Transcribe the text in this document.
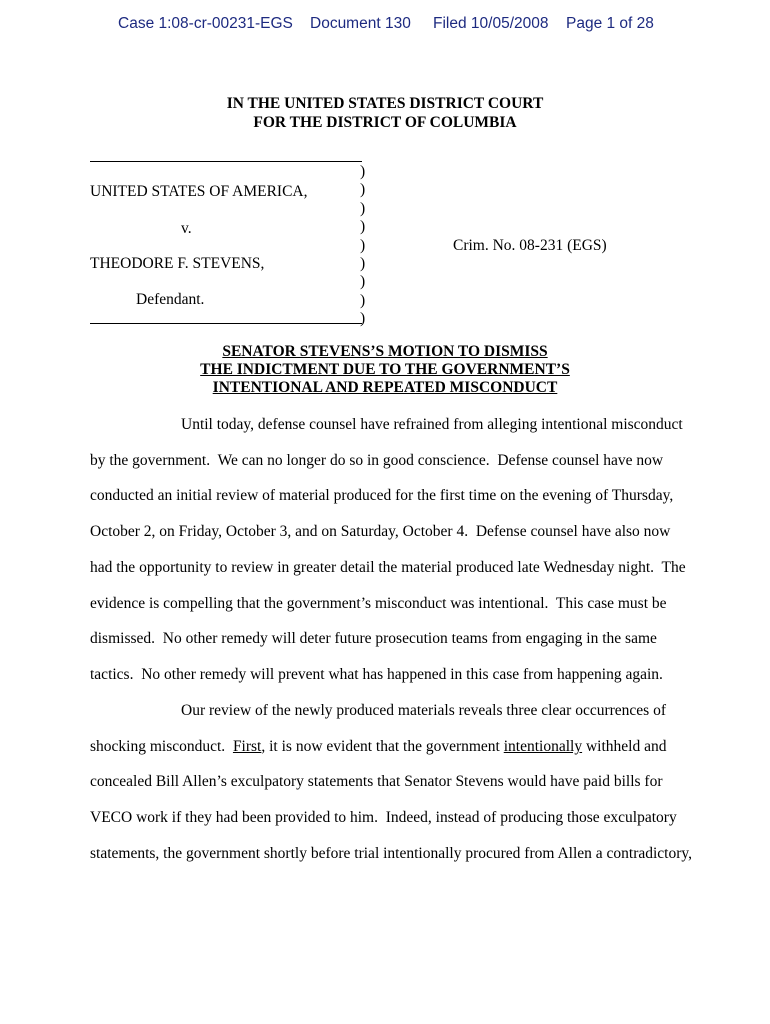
Case 1:08-cr-00231-EGS Document 130 Filed 10/05/2008 Page 1 of 28
IN THE UNITED STATES DISTRICT COURT
FOR THE DISTRICT OF COLUMBIA
UNITED STATES OF AMERICA,
v.
THEODORE F. STEVENS,
Defendant.
Crim. No. 08-231 (EGS)
)
)
)
)
)
)
)
)
)
SENATOR STEVENS’S MOTION TO DISMISS
THE INDICTMENT DUE TO THE GOVERNMENT’S
INTENTIONAL AND REPEATED MISCONDUCT
Until today, defense counsel have refrained from alleging intentional misconduct
by the government.  We can no longer do so in good conscience.  Defense counsel have now
conducted an initial review of material produced for the first time on the evening of Thursday,
October 2, on Friday, October 3, and on Saturday, October 4.  Defense counsel have also now
had the opportunity to review in greater detail the material produced late Wednesday night.  The
evidence is compelling that the government’s misconduct was intentional.  This case must be
dismissed.  No other remedy will deter future prosecution teams from engaging in the same
tactics.  No other remedy will prevent what has happened in this case from happening again.
Our review of the newly produced materials reveals three clear occurrences of
shocking misconduct.  First, it is now evident that the government intentionally withheld and
concealed Bill Allen’s exculpatory statements that Senator Stevens would have paid bills for
VECO work if they had been provided to him.  Indeed, instead of producing those exculpatory
statements, the government shortly before trial intentionally procured from Allen a contradictory,
